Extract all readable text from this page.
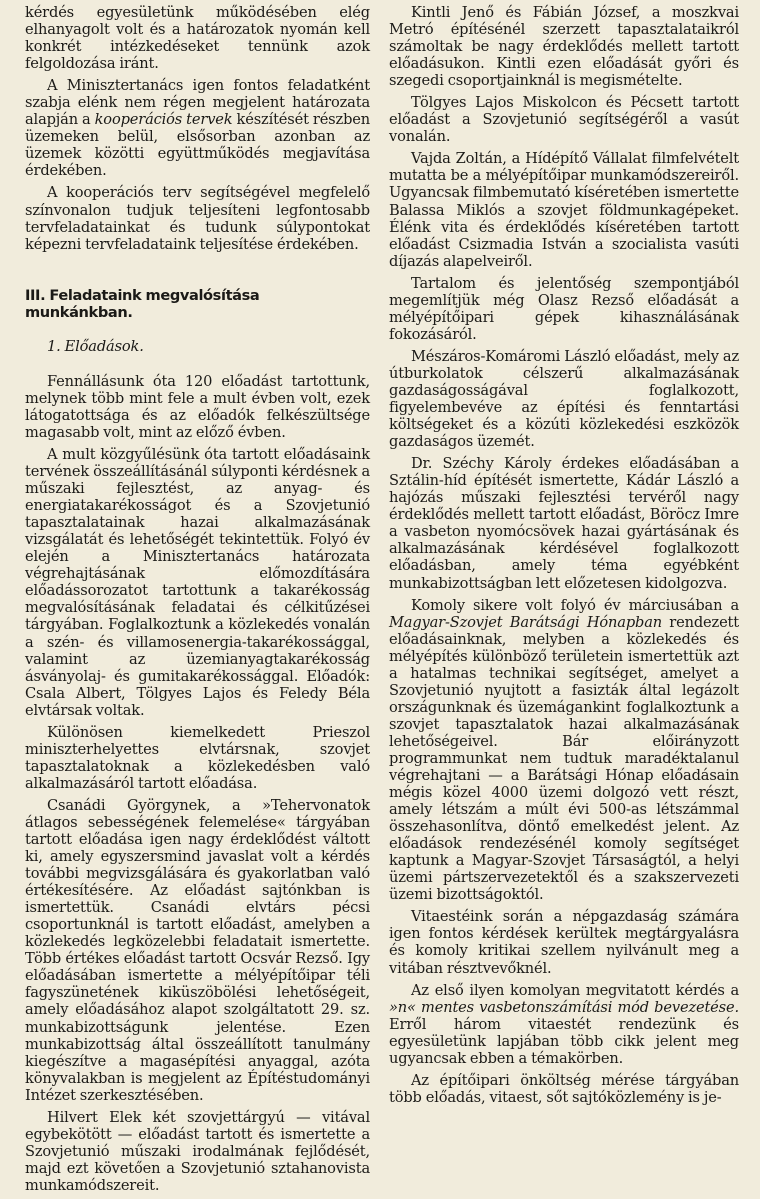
kérdés egyesületünk működésében elég elhanyagolt volt és a határozatok nyomán kell konkrét intézkedéseket tennünk azok felgoldozása iránt.

A Minisztertanács igen fontos feladatként szabja elénk nem régen megjelent határozata alapján a kooperációs tervek készítését részben üzemeken belül, elsősorban azonban az üzemek közötti együttműködés megjavítása érdekében.

A kooperációs terv segítségével megfelelő színvonalon tudjuk teljesíteni legfontosabb tervfeladatainkat és tudunk súlypontokat képezni tervfeladataink teljesítése érdekében.

III. Feladataink megvalósítása munkánkban.
1. Előadások.

Fennállásunk óta 120 előadást tartottunk, melynek több mint fele a mult évben volt, ezek látogatottsága és az előadók felkészültsége magasabb volt, mint az előző évben.

A mult közgyűlésünk óta tartott előadásaink tervének összeállításánál súlyponti kérdésnek a műszaki fejlesztést, az anyag- és energiatakarékosságot és a Szovjetunió tapasztalatainak hazai alkalmazásának vizsgálatát és lehetőségét tekintettük. Folyó év elején a Minisztertanács határozata végrehajtásának előmozdítására előadássorozatot tartottunk a takarékosság megvalósításának feladatai és célkitűzései tárgyában. Foglalkoztunk a közlekedés vonalán a szén- és villamosenergia-takarékossággal, valamint az üzemianyagtakarékosság ásványolaj- és gumitakarékossággal. Előadók: Csala Albert, Tölgyes Lajos és Feledy Béla elvtársak voltak.

Különösen kiemelkedett Prieszol miniszterhelyettes elvtársnak, szovjet tapasztalatoknak a közlekedésben való alkalmazásáról tartott előadása.

Csanádi Györgynek, a »Tehervonatok átlagos sebességének felemelése« tárgyában tartott előadása igen nagy érdeklődést váltott ki, amely egyszersmind javaslat volt a kérdés további megvizsgálására és gyakorlatban való értékesítésére. Az előadást sajtónkban is ismertettük. Csanádi elvtárs pécsi csoportunknál is tartott előadást, amelyben a közlekedés legközelebbi feladatait ismertette. Több értékes előadást tartott Ocsvár Rezső. Igy előadásában ismertette a mélyépítőipar téli fagyszünetének kiküszöbölési lehetőségeit, amely előadásához alapot szolgáltatott 29. sz. munkabizottságunk jelentése. Ezen munkabizottság által összeállított tanulmány kiegészítve a magasépítési anyaggal, azóta könyvalakban is megjelent az Építéstudományi Intézet szerkesztésében.

Hilvert Elek két szovjettárgyú — vitával egybekötött — előadást tartott és ismertette a Szovjetunió műszaki irodalmának fejlődését, majd ezt követően a Szovjetunió sztahanovista munkamódszereit.

Kintli Jenő és Fábián József, a moszkvai Metró építésénél szerzett tapasztalataikról számoltak be nagy érdeklődés mellett tartott előadásukon. Kintli ezen előadását győri és szegedi csoportjainknál is megismételte.

Tölgyes Lajos Miskolcon és Pécsett tartott előadást a Szovjetunió segítségéről a vasút vonalán.

Vajda Zoltán, a Hídépítő Vállalat filmfelvételt mutatta be a mélyépítőipar munkamódszereiről. Ugyancsak filmbemutató kíséretében ismertette Balassa Miklós a szovjet földmunkagépeket. Élénk vita és érdeklődés kíséretében tartott előadást Csizmadia István a szocialista vasúti díjazás alapelveiről.

Tartalom és jelentőség szempontjából megemlítjük még Olasz Rezső előadását a mélyépítőipari gépek kihasználásának fokozásáról.

Mészáros-Komáromi László előadást, mely az útburkolatok célszerű alkalmazásának gazdaságosságával foglalkozott, figyelembevéve az építési és fenntartási költségeket és a közúti közlekedési eszközök gazdaságos üzemét.

Dr. Széchy Károly érdekes előadásában a Sztálin-híd építését ismertette, Kádár László a hajózás műszaki fejlesztési tervéről nagy érdeklődés mellett tartott előadást, Böröcz Imre a vasbeton nyomócsövek hazai gyártásának és alkalmazásának kérdésével foglalkozott előadásban, amely téma egyébként munkabizottságban lett előzetesen kidolgozva.

Komoly sikere volt folyó év márciusában a Magyar-Szovjet Barátsági Hónapban rendezett előadásainknak, melyben a közlekedés és mélyépítés különböző területein ismertettük azt a hatalmas technikai segítséget, amelyet a Szovjetunió nyujtott a fasizták által legázolt országunknak és üzemágankint foglalkoztunk a szovjet tapasztalatok hazai alkalmazásának lehetőségeivel. Bár előirányzott programmunkat nem tudtuk maradéktalanul végrehajtani — a Barátsági Hónap előadásain mégis közel 4000 üzemi dolgozó vett részt, amely létszám a múlt évi 500-as létszámmal összehasonlítva, döntő emelkedést jelent. Az előadások rendezésénél komoly segítséget kaptunk a Magyar-Szovjet Társaságtól, a helyi üzemi pártszervezetektől és a szakszervezeti üzemi bizottságoktól.

Vitaestéink során a népgazdaság számára igen fontos kérdések kerültek megtárgyalásra és komoly kritikai szellem nyilvánult meg a vitában résztvevőknél.

Az első ilyen komolyan megvitatott kérdés a »n« mentes vasbetonszámítási mód bevezetése. Erről három vitaestét rendezünk és egyesületünk lapjában több cikk jelent meg ugyancsak ebben a témakörben.

Az építőipari önköltség mérése tárgyában több előadás, vitaest, sőt sajtóközlemény is je-
